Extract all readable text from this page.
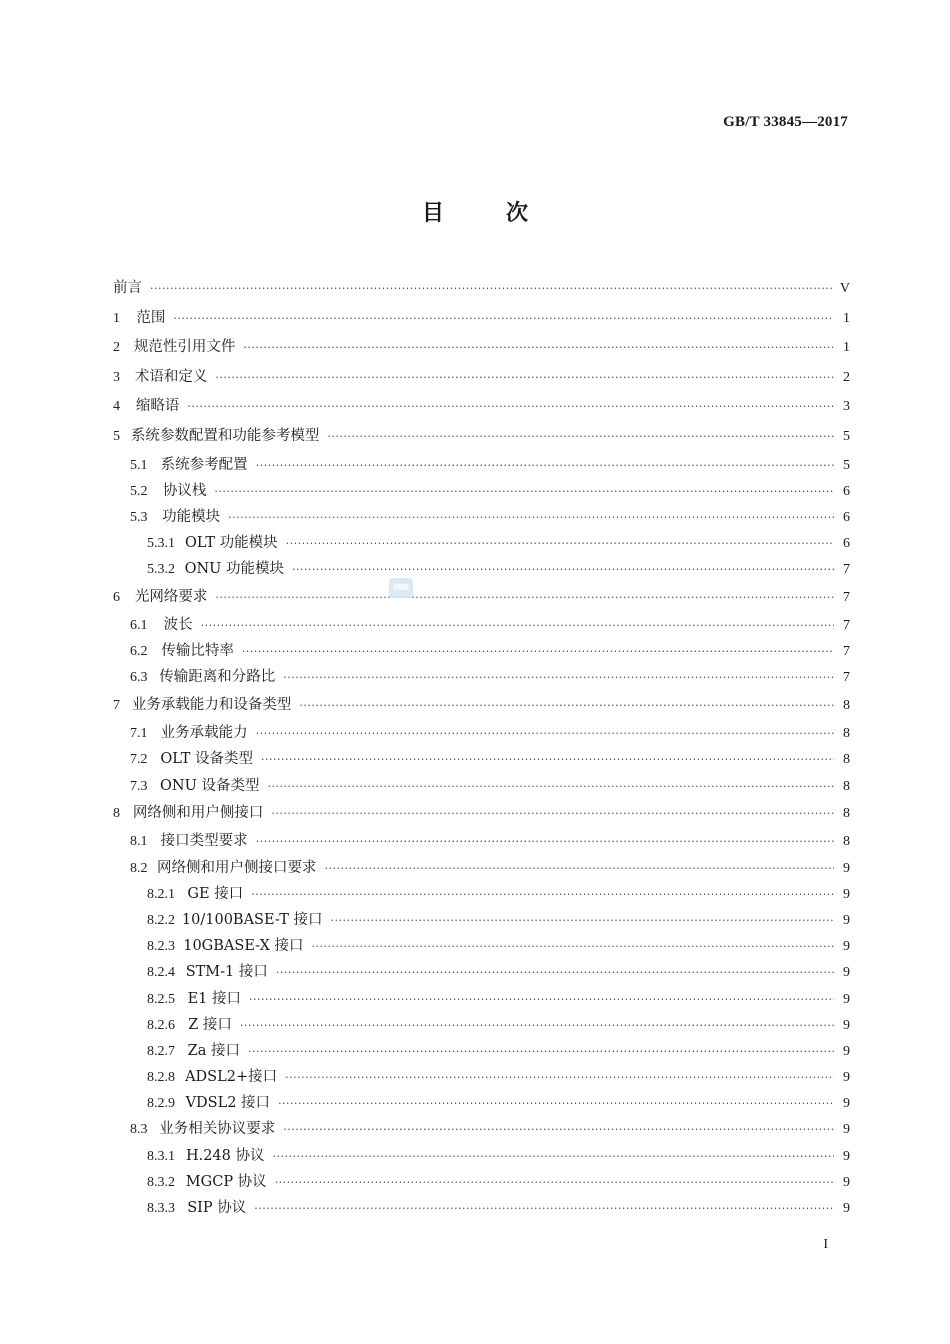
GB/T 33845—2017
目次
前言 ·····	V
1	范围 ·····	1
2 规范性引用文件 ·····	1
3	术语和定义 ·····	2
4	缩略语 ·····	3
5 系统参数配置和功能参考模型 ·····	5
5.1 系统参考配置 ·····	5
5.2	协议栈 ·····	6
5.3	功能模块 ·····	6
5.3.1 OLT 功能模块 ·····	6
5.3.2 ONU 功能模块 ·····	7
6	光网络要求 ·····	7
6.1	波长 ·····	7
6.2 传输比特率 ·····	7
6.3 传输距离和分路比 ·····	7
7 业务承载能力和设备类型 ·····	8
7.1 业务承载能力 ·····	8
7.2 OLT 设备类型 ·····	8
7.3 ONU 设备类型 ·····	8
8 网络侧和用户侧接口 ·····	8
8.1 接口类型要求 ·····	8
8.2 网络侧和用户侧接口要求 ·····	9
8.2.1 GE 接口 ·····	9
8.2.2 10/100BASE-T 接口 ·····	9
8.2.3 10GBASE-X 接口 ·····	9
8.2.4 STM-1 接口 ·····	9
8.2.5 E1 接口 ·····	9
8.2.6 Z 接口 ·····	9
8.2.7 Za 接口 ·····	9
8.2.8 ADSL2+接口 ·····	9
8.2.9 VDSL2 接口 ·····	9
8.3 业务相关协议要求 ·····	9
8.3.1 H.248 协议 ·····	9
8.3.2 MGCP 协议 ·····	9
8.3.3 SIP 协议 ·····	9
I
